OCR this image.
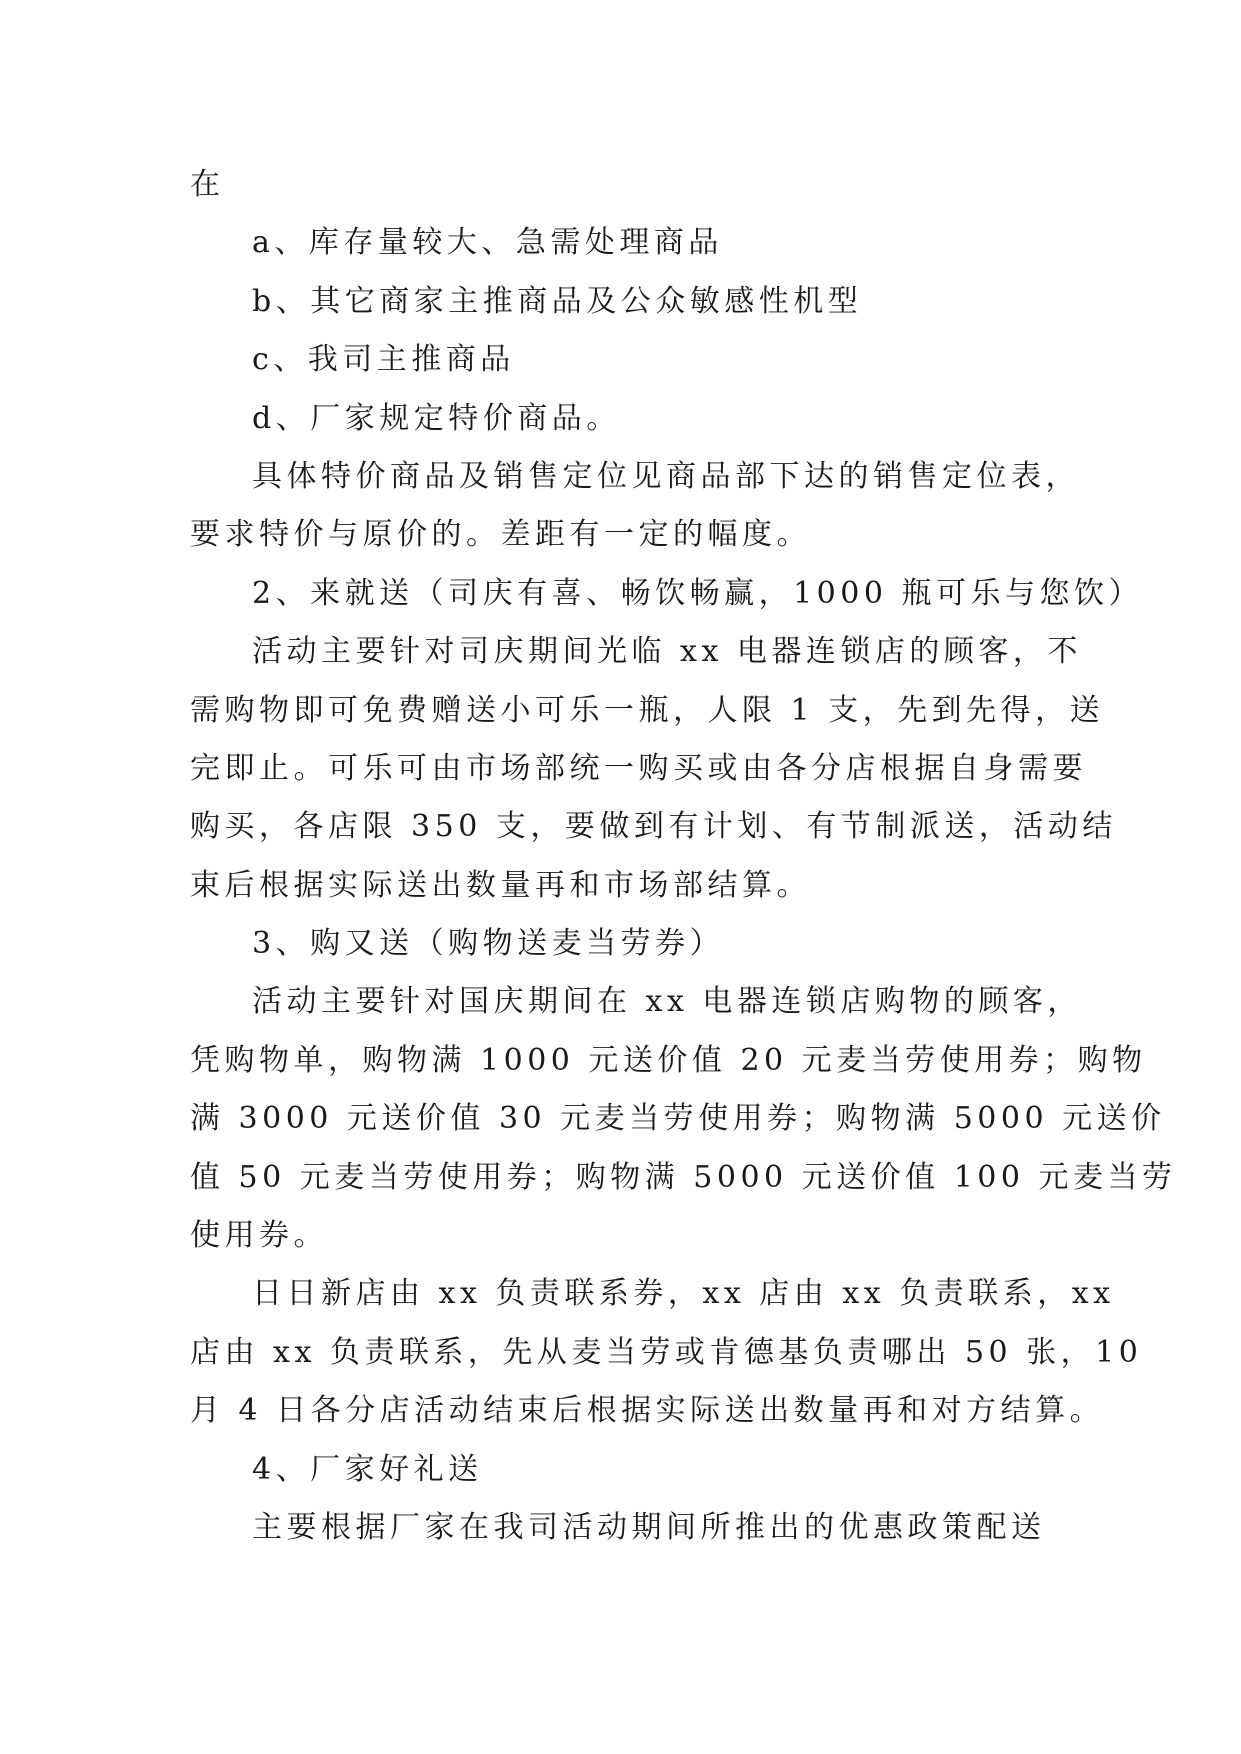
在
a、库存量较大、急需处理商品
b、其它商家主推商品及公众敏感性机型
c、我司主推商品
d、厂家规定特价商品。
具体特价商品及销售定位见商品部下达的销售定位表，
要求特价与原价的。差距有一定的幅度。
2、来就送（司庆有喜、畅饮畅赢，1000 瓶可乐与您饮）
活动主要针对司庆期间光临 xx 电器连锁店的顾客，不
需购物即可免费赠送小可乐一瓶，人限 1 支，先到先得，送
完即止。可乐可由市场部统一购买或由各分店根据自身需要
购买，各店限 350 支，要做到有计划、有节制派送，活动结
束后根据实际送出数量再和市场部结算。
3、购又送（购物送麦当劳券）
活动主要针对国庆期间在 xx 电器连锁店购物的顾客，
凭购物单，购物满 1000 元送价值 20 元麦当劳使用券；购物
满 3000 元送价值 30 元麦当劳使用券；购物满 5000 元送价
值 50 元麦当劳使用券；购物满 5000 元送价值 100 元麦当劳
使用券。
日日新店由 xx 负责联系券，xx 店由 xx 负责联系，xx
店由 xx 负责联系，先从麦当劳或肯德基负责哪出 50 张，10
月 4 日各分店活动结束后根据实际送出数量再和对方结算。
4、厂家好礼送
主要根据厂家在我司活动期间所推出的优惠政策配送
